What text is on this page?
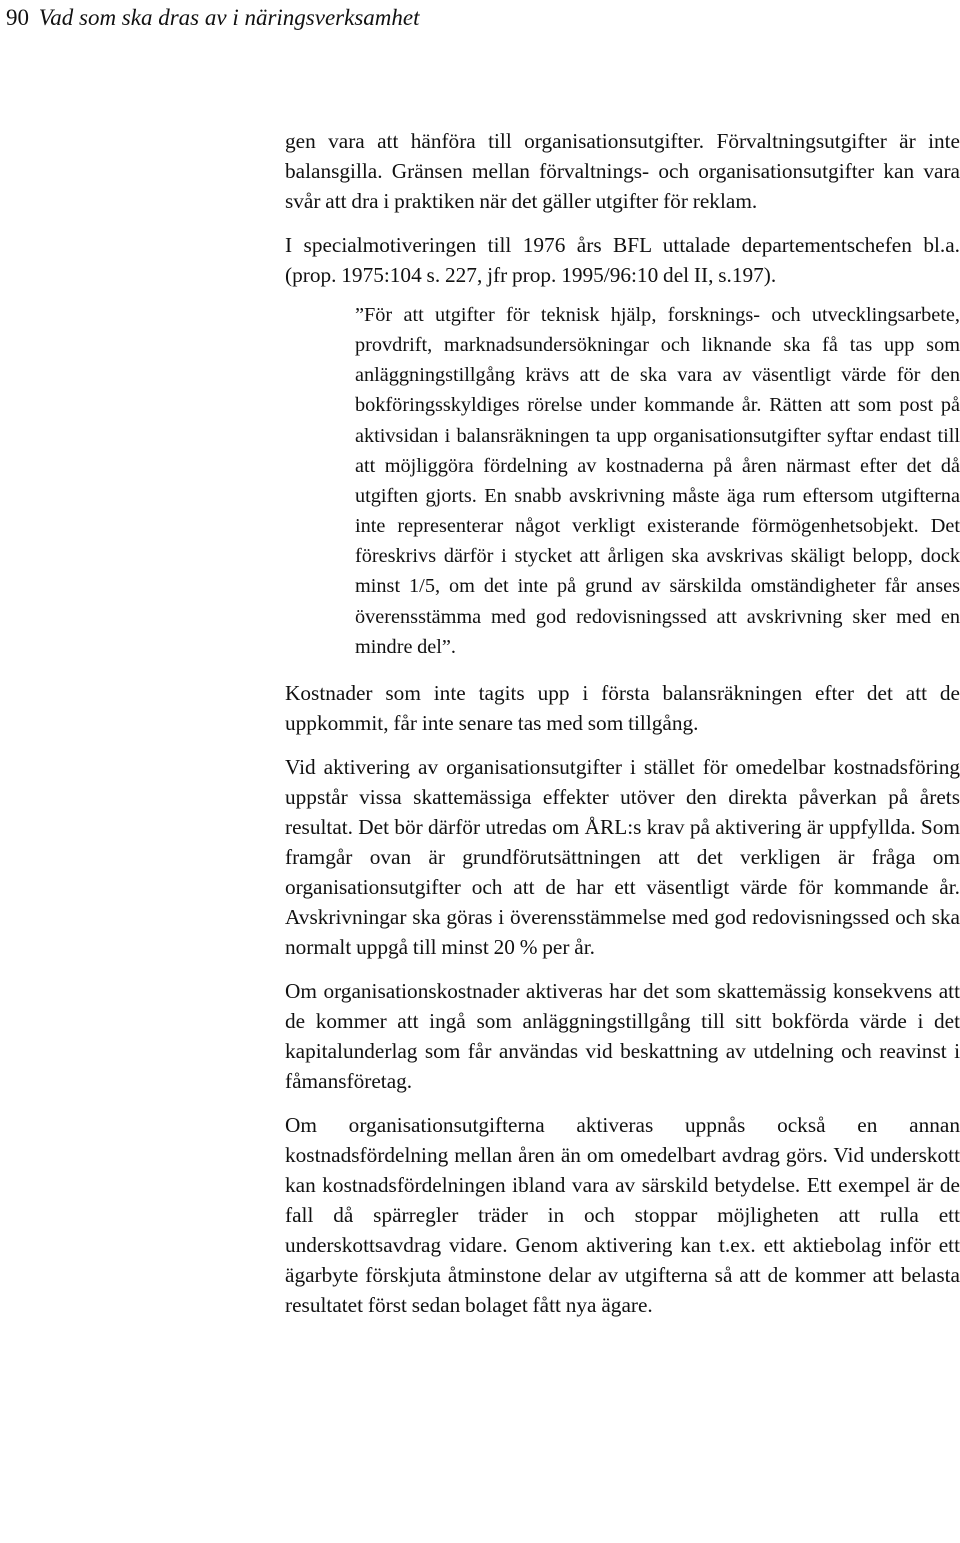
90 Vad som ska dras av i näringsverksamhet

gen vara att hänföra till organisationsutgifter. Förvaltningsutgifter är inte balansgilla. Gränsen mellan förvaltnings- och organisationsutgifter kan vara svår att dra i praktiken när det gäller utgifter för reklam.

I specialmotiveringen till 1976 års BFL uttalade departementschefen bl.a. (prop. 1975:104 s. 227, jfr prop. 1995/96:10 del II, s.197).

”För att utgifter för teknisk hjälp, forsknings- och utvecklingsarbete, provdrift, marknadsundersökningar och liknande ska få tas upp som anläggningstillgång krävs att de ska vara av väsentligt värde för den bokföringsskyldiges rörelse under kommande år. Rätten att som post på aktivsidan i balansräkningen ta upp organisationsutgifter syftar endast till att möjliggöra fördelning av kostnaderna på åren närmast efter det då utgiften gjorts. En snabb avskrivning måste äga rum eftersom utgifterna inte representerar något verkligt existerande förmögenhetsobjekt. Det föreskrivs därför i stycket att årligen ska avskrivas skäligt belopp, dock minst 1/5, om det inte på grund av särskilda omständigheter får anses överensstämma med god redovisningssed att avskrivning sker med en mindre del”.

Kostnader som inte tagits upp i första balansräkningen efter det att de uppkommit, får inte senare tas med som tillgång.

Vid aktivering av organisationsutgifter i stället för omedelbar kostnadsföring uppstår vissa skattemässiga effekter utöver den direkta påverkan på årets resultat. Det bör därför utredas om ÅRL:s krav på aktivering är uppfyllda. Som framgår ovan är grundförutsättningen att det verkligen är fråga om organisationsutgifter och att de har ett väsentligt värde för kommande år. Avskrivningar ska göras i överensstämmelse med god redovisningssed och ska normalt uppgå till minst 20 % per år.

Om organisationskostnader aktiveras har det som skattemässig konsekvens att de kommer att ingå som anläggningstillgång till sitt bokförda värde i det kapitalunderlag som får användas vid beskattning av utdelning och reavinst i fåmansföretag.

Om organisationsutgifterna aktiveras uppnås också en annan kostnadsfördelning mellan åren än om omedelbart avdrag görs. Vid underskott kan kostnadsfördelningen ibland vara av särskild betydelse. Ett exempel är de fall då spärregler träder in och stoppar möjligheten att rulla ett underskottsavdrag vidare. Genom aktivering kan t.ex. ett aktiebolag inför ett ägarbyte förskjuta åtminstone delar av utgifterna så att de kommer att belasta resultatet först sedan bolaget fått nya ägare.
